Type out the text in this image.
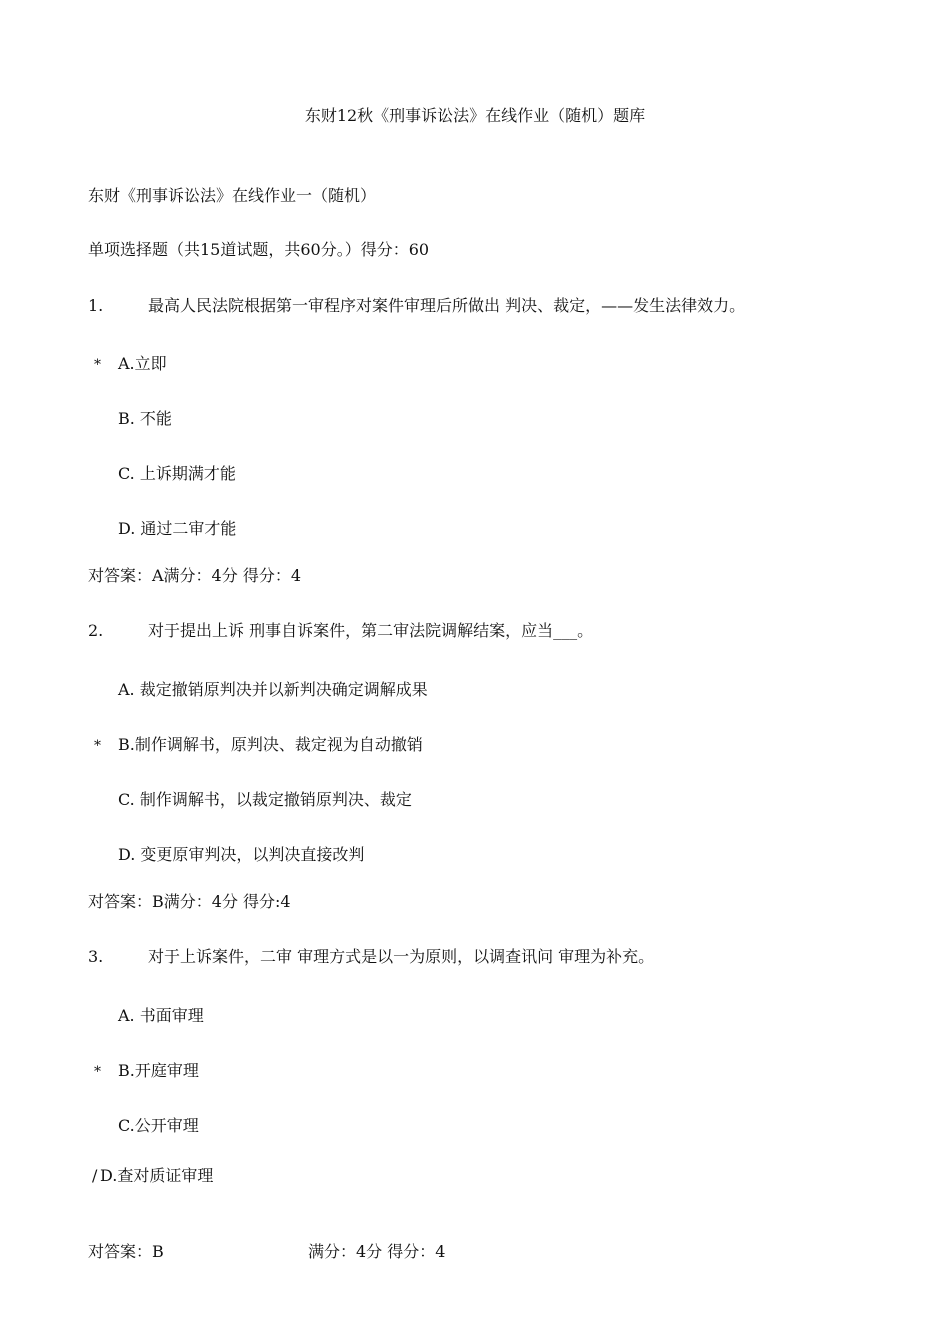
东财12秋《刑事诉讼法》在线作业（随机）题库
东财《刑事诉讼法》在线作业一（随机）
单项选择题（共15道试题，共60分。）得分：60
1.	最高人民法院根据第一审程序对案件审理后所做出 判决、裁定，——发生法律效力。
* A.立即
B. 不能
C. 上诉期满才能
D. 通过二审才能
对答案：A满分：4分 得分：4
2.	对于提出上诉 刑事自诉案件，第二审法院调解结案，应当___。
A. 裁定撤销原判决并以新判决确定调解成果
* B.制作调解书，原判决、裁定视为自动撤销
C. 制作调解书，以裁定撤销原判决、裁定
D. 变更原审判决，以判决直接改判
对答案：B满分：4分 得分:4
3.	对于上诉案件，二审 审理方式是以一为原则，以调查讯问 审理为补充。
A. 书面审理
* B.开庭审理
C.公开审理
/ D.查对质证审理
对答案：B	满分：4分 得分：4
